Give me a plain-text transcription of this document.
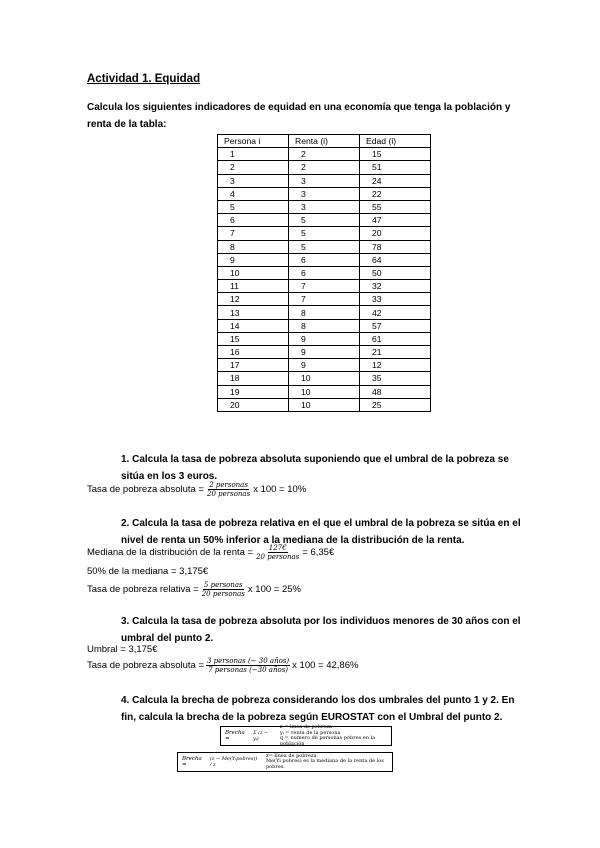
Actividad 1. Equidad
Calcula los siguientes indicadores de equidad en una economía que tenga la población y renta de la tabla:
Persona i	Renta (i)	Edad (i)
1	2	15
2	2	51
3	3	24
4	3	22
5	3	55
6	5	47
7	5	20
8	5	78
9	6	64
10	6	50
11	7	32
12	7	33
13	8	42
14	8	57
15	9	61
16	9	21
17	9	12
18	10	35
19	10	48
20	10	25
1. Calcula la tasa de pobreza absoluta suponiendo que el umbral de la pobreza se sitúa en los 3 euros.
Tasa de pobreza absoluta = $\frac{\text{2 personas}}{\text{20 personas}}$ x 100 = 10%
2. Calcula la tasa de pobreza relativa en el que el umbral de la pobreza se sitúa en el nivel de renta un 50% inferior a la mediana de la distribución de la renta.
Mediana de la distribución de la renta = $\frac{127€}{\text{20 personas}}$ = 6,35€
50% de la mediana = 3,175€
Tasa de pobreza relativa = $\frac{\text{5 personas}}{\text{20 personas}}$ x 100 = 25%
3. Calcula la tasa de pobreza absoluta por los individuos menores de 30 años con el umbral del punto 2.
Umbral = 3,175€
Tasa de pobreza absoluta = $\frac{\text{3 personas (− 30 años)}}{\text{7 personas (−30 años)}}$ x 100 = 42,86%
4. Calcula la brecha de pobreza considerando los dos umbrales del punto 1 y 2. En fin, calcula la brecha de la pobreza según EUROSTAT con el Umbral del punto 2.
Brecha =
Σ (z − yᵢ)
z = linea de pobreza
yᵢ = renta de la persona
q = numero de personas pobres en la población
Brecha =
(z − Me(Yᵢpobres)) / z
z= línea de pobreza
Me(Yi pobres) es la mediana de la renta de los pobres.
